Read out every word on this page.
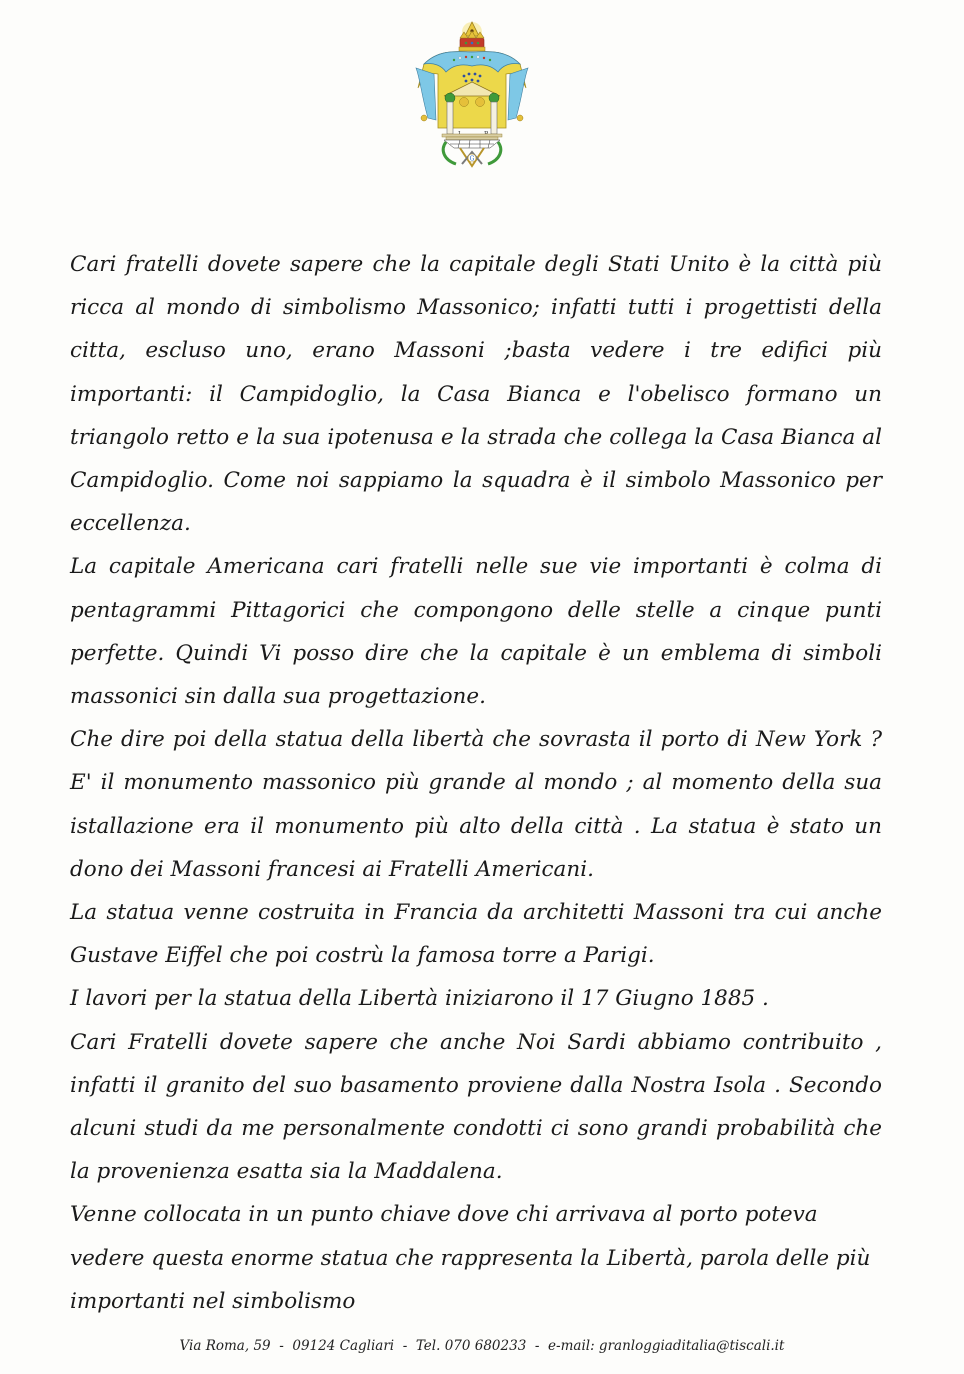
G

Cari fratelli dovete sapere che la capitale degli Stati Unito è la città più ricca al mondo di simbolismo Massonico; infatti tutti i progettisti della citta, escluso uno, erano Massoni ;basta vedere i tre edifici più importanti: il Campidoglio, la Casa Bianca e l'obelisco formano un triangolo retto e la sua ipotenusa e la strada che collega la Casa Bianca al Campidoglio. Come noi sappiamo la squadra è il simbolo Massonico per eccellenza.

La capitale Americana cari fratelli nelle sue vie importanti è colma di pentagrammi Pittagorici che compongono delle stelle a cinque punti perfette. Quindi Vi posso dire che la capitale è un emblema di simboli massonici sin dalla sua progettazione.

Che dire poi della statua della libertà che sovrasta il porto di New York ? E' il monumento massonico più grande al mondo ; al momento della sua istallazione era il monumento più alto della città . La statua è stato un dono dei Massoni francesi ai Fratelli Americani.

La statua venne costruita in Francia da architetti Massoni tra cui anche Gustave Eiffel che poi costrù la famosa torre a Parigi.

I lavori per la statua della Libertà iniziarono il 17 Giugno 1885 .

Cari Fratelli dovete sapere che anche Noi Sardi abbiamo contribuito , infatti il granito del suo basamento proviene dalla Nostra Isola . Secondo alcuni studi da me personalmente condotti ci sono grandi probabilità che la provenienza esatta sia la Maddalena.

Venne collocata in un punto chiave dove chi arrivava al porto poteva vedere questa enorme statua che rappresenta la Libertà, parola delle più importanti nel simbolismo

Via Roma, 59 - 09124 Cagliari - Tel. 070 680233 - e-mail: granloggiaditalia@tiscali.it
